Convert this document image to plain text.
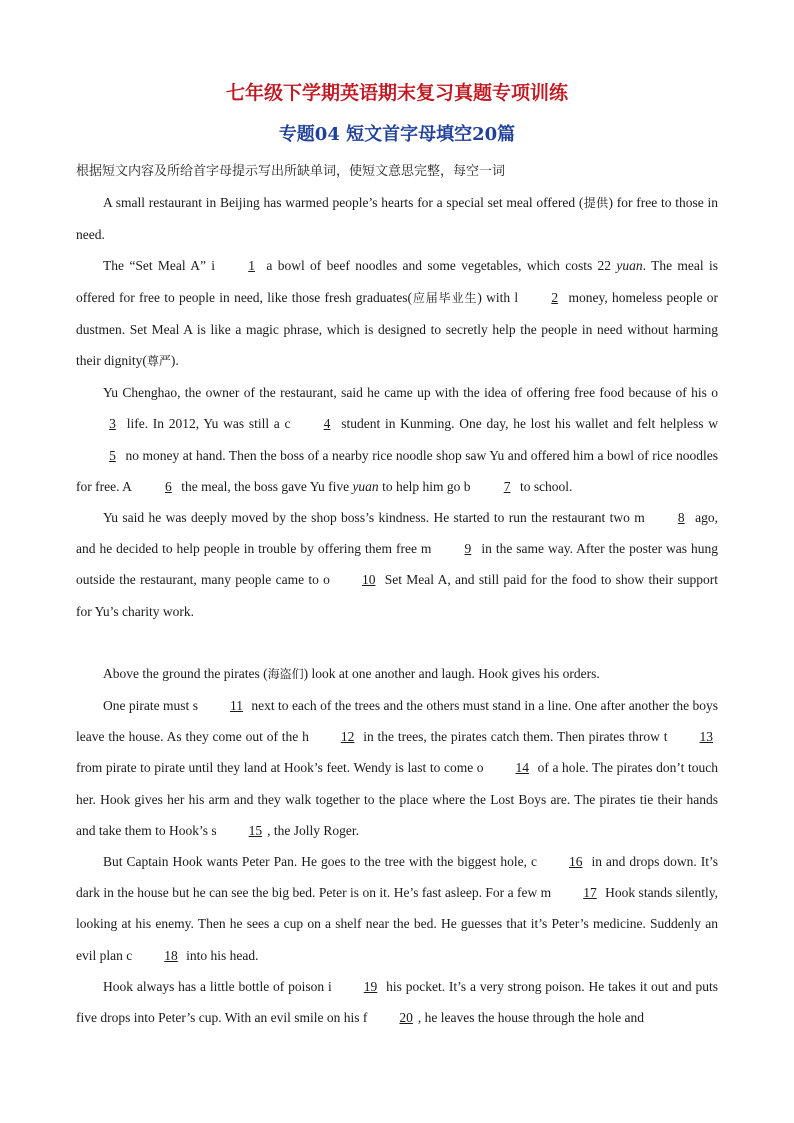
七年级下学期英语期末复习真题专项训练
专题04 短文首字母填空20篇
根据短文内容及所给首字母提示写出所缺单词，使短文意思完整，每空一词

A small restaurant in Beijing has warmed people’s hearts for a special set meal offered (提供) for free to those in need.

The “Set Meal A” i 1 a bowl of beef noodles and some vegetables, which costs 22 yuan. The meal is offered for free to people in need, like those fresh graduates(应届毕业生) with l 2 money, homeless people or dustmen. Set Meal A is like a magic phrase, which is designed to secretly help the people in need without harming their dignity(尊严).

Yu Chenghao, the owner of the restaurant, said he came up with the idea of offering free food because of his o3 life. In 2012, Yu was still a c 4 student in Kunming. One day, he lost his wallet and felt helpless w5 no money at hand. Then the boss of a nearby rice noodle shop saw Yu and offered him a bowl of rice noodles for free. A 6 the meal, the boss gave Yu five yuan to help him go b 7 to school.

Yu said he was deeply moved by the shop boss’s kindness. He started to run the restaurant two m 8 ago, and he decided to help people in trouble by offering them free m 9 in the same way. After the poster was hung outside the restaurant, many people came to o 10 Set Meal A, and still paid for the food to show their support for Yu’s charity work.

Above the ground the pirates (海盗们) look at one another and laugh. Hook gives his orders.

One pirate must s 11 next to each of the trees and the others must stand in a line. One after another the boys leave the house. As they come out of the h 12 in the trees, the pirates catch them. Then pirates throw t 13 from pirate to pirate until they land at Hook’s feet. Wendy is last to come o 14 of a hole. The pirates don’t touch her. Hook gives her his arm and they walk together to the place where the Lost Boys are. The pirates tie their hands and take them to Hook’s s 15 , the Jolly Roger.

But Captain Hook wants Peter Pan. He goes to the tree with the biggest hole, c 16 in and drops down. It’s dark in the house but he can see the big bed. Peter is on it. He’s fast asleep. For a few m 17 Hook stands silently, looking at his enemy. Then he sees a cup on a shelf near the bed. He guesses that it’s Peter’s medicine. Suddenly an evil plan c 18 into his head.

Hook always has a little bottle of poison i 19 his pocket. It’s a very strong poison. He takes it out and puts five drops into Peter’s cup. With an evil smile on his f 20 , he leaves the house through the hole and
